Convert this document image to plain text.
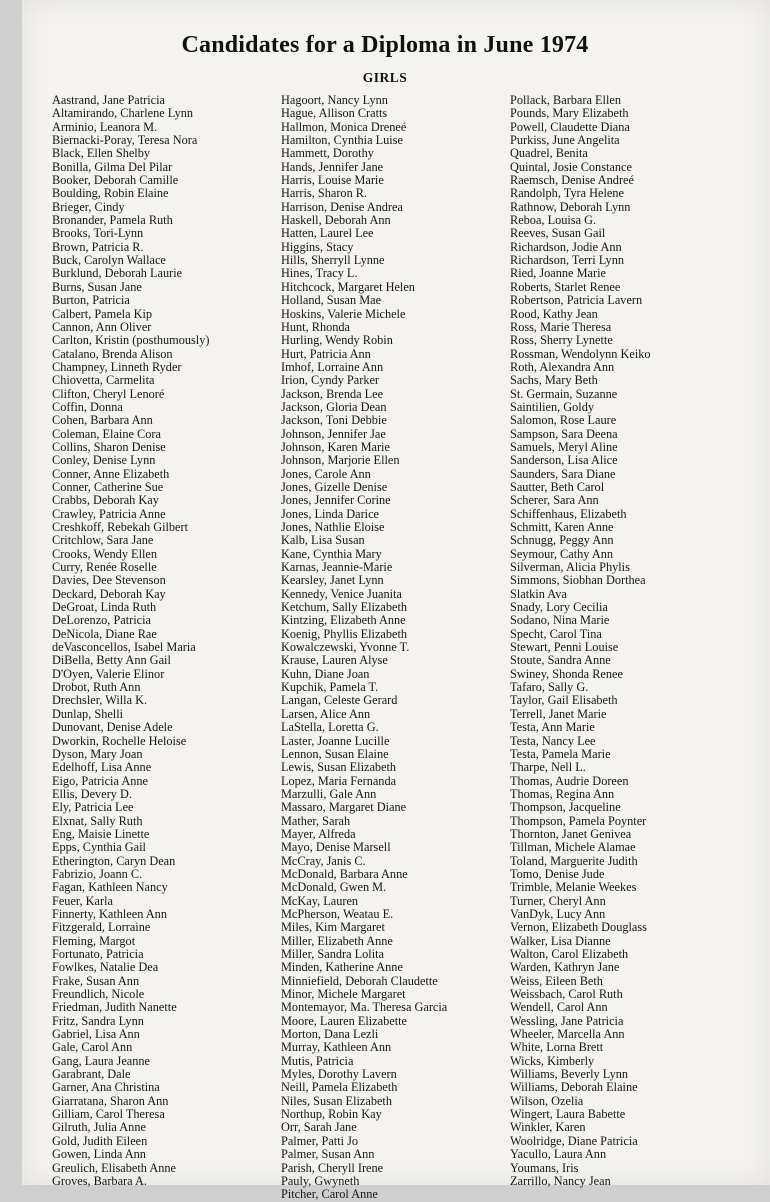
Candidates for a Diploma in June 1974
GIRLS
Aastrand, Jane Patricia
Altamirando, Charlene Lynn
Arminio, Leanora M.
Biernacki-Poray, Teresa Nora
Black, Ellen Shelby
Bonilla, Gilma Del Pilar
Booker, Deborah Camille
Boulding, Robin Elaine
Brieger, Cindy
Bronander, Pamela Ruth
Brooks, Tori-Lynn
Brown, Patricia R.
Buck, Carolyn Wallace
Burklund, Deborah Laurie
Burns, Susan Jane
Burton, Patricia
Calbert, Pamela Kip
Cannon, Ann Oliver
Carlton, Kristin (posthumously)
Catalano, Brenda Alison
Champney, Linneth Ryder
Chiovetta, Carmelita
Clifton, Cheryl Lenoré
Coffin, Donna
Cohen, Barbara Ann
Coleman, Elaine Cora
Collins, Sharon Denise
Conley, Denise Lynn
Conner, Anne Elizabeth
Conner, Catherine Sue
Crabbs, Deborah Kay
Crawley, Patricia Anne
Creshkoff, Rebekah Gilbert
Critchlow, Sara Jane
Crooks, Wendy Ellen
Curry, Renée Roselle
Davies, Dee Stevenson
Deckard, Deborah Kay
DeGroat, Linda Ruth
DeLorenzo, Patricia
DeNicola, Diane Rae
deVasconcellos, Isabel Maria
DiBella, Betty Ann Gail
D'Oyen, Valerie Elinor
Drobot, Ruth Ann
Drechsler, Willa K.
Dunlap, Shelli
Dunovant, Denise Adele
Dworkin, Rochelle Heloise
Dyson, Mary Joan
Edelhoff, Lisa Anne
Eigo, Patricia Anne
Ellis, Devery D.
Ely, Patricia Lee
Elxnat, Sally Ruth
Eng, Maisie Linette
Epps, Cynthia Gail
Etherington, Caryn Dean
Fabrizio, Joann C.
Fagan, Kathleen Nancy
Feuer, Karla
Finnerty, Kathleen Ann
Fitzgerald, Lorraine
Fleming, Margot
Fortunato, Patricia
Fowlkes, Natalie Dea
Frake, Susan Ann
Freundlich, Nicole
Friedman, Judith Nanette
Fritz, Sandra Lynn
Gabriel, Lisa Ann
Gale, Carol Ann
Gang, Laura Jeanne
Garabrant, Dale
Garner, Ana Christina
Giarratana, Sharon Ann
Gilliam, Carol Theresa
Gilruth, Julia Anne
Gold, Judith Eileen
Gowen, Linda Ann
Greulich, Elisabeth Anne
Groves, Barbara A.
Hagoort, Nancy Lynn
Hague, Allison Cratts
Hallmon, Monica Dreneé
Hamilton, Cynthia Luise
Hammett, Dorothy
Hands, Jennifer Jane
Harris, Louise Marie
Harris, Sharon R.
Harrison, Denise Andrea
Haskell, Deborah Ann
Hatten, Laurel Lee
Higgins, Stacy
Hills, Sherryll Lynne
Hines, Tracy L.
Hitchcock, Margaret Helen
Holland, Susan Mae
Hoskins, Valerie Michele
Hunt, Rhonda
Hurling, Wendy Robin
Hurt, Patricia Ann
Imhof, Lorraine Ann
Irion, Cyndy Parker
Jackson, Brenda Lee
Jackson, Gloria Dean
Jackson, Toni Debbie
Johnson, Jennifer Jae
Johnson, Karen Marie
Johnson, Marjorie Ellen
Jones, Carole Ann
Jones, Gizelle Denise
Jones, Jennifer Corine
Jones, Linda Darice
Jones, Nathlie Eloise
Kalb, Lisa Susan
Kane, Cynthia Mary
Karnas, Jeannie-Marie
Kearsley, Janet Lynn
Kennedy, Venice Juanita
Ketchum, Sally Elizabeth
Kintzing, Elizabeth Anne
Koenig, Phyllis Elizabeth
Kowalczewski, Yvonne T.
Krause, Lauren Alyse
Kuhn, Diane Joan
Kupchik, Pamela T.
Langan, Celeste Gerard
Larsen, Alice Ann
LaStella, Loretta G.
Laster, Joanne Lucille
Lennon, Susan Elaine
Lewis, Susan Elizabeth
Lopez, Maria Fernanda
Marzulli, Gale Ann
Massaro, Margaret Diane
Mather, Sarah
Mayer, Alfreda
Mayo, Denise Marsell
McCray, Janis C.
McDonald, Barbara Anne
McDonald, Gwen M.
McKay, Lauren
McPherson, Weatau E.
Miles, Kim Margaret
Miller, Elizabeth Anne
Miller, Sandra Lolita
Minden, Katherine Anne
Minniefield, Deborah Claudette
Minor, Michele Margaret
Montemayor, Ma. Theresa Garcia
Moore, Lauren Elizabette
Morton, Dana Lezli
Murray, Kathleen Ann
Mutis, Patricia
Myles, Dorothy Lavern
Neill, Pamela Elizabeth
Niles, Susan Elizabeth
Northup, Robin Kay
Orr, Sarah Jane
Palmer, Patti Jo
Palmer, Susan Ann
Parish, Cheryll Irene
Pauly, Gwyneth
Pitcher, Carol Anne
Pollack, Barbara Ellen
Pounds, Mary Elizabeth
Powell, Claudette Diana
Purkiss, June Angelita
Quadrel, Benita
Quintal, Josie Constance
Raemsch, Denise Andreé
Randolph, Tyra Helene
Rathnow, Deborah Lynn
Reboa, Louisa G.
Reeves, Susan Gail
Richardson, Jodie Ann
Richardson, Terri Lynn
Ried, Joanne Marie
Roberts, Starlet Renee
Robertson, Patricia Lavern
Rood, Kathy Jean
Ross, Marie Theresa
Ross, Sherry Lynette
Rossman, Wendolynn Keiko
Roth, Alexandra Ann
Sachs, Mary Beth
St. Germain, Suzanne
Saintilien, Goldy
Salomon, Rose Laure
Sampson, Sara Deena
Samuels, Meryl Aline
Sanderson, Lisa Alice
Saunders, Sara Diane
Sautter, Beth Carol
Scherer, Sara Ann
Schiffenhaus, Elizabeth
Schmitt, Karen Anne
Schnugg, Peggy Ann
Seymour, Cathy Ann
Silverman, Alicia Phylis
Simmons, Siobhan Dorthea
Slatkin Ava
Snady, Lory Cecilia
Sodano, Nina Marie
Specht, Carol Tina
Stewart, Penni Louise
Stoute, Sandra Anne
Swiney, Shonda Renee
Tafaro, Sally G.
Taylor, Gail Elisabeth
Terrell, Janet Marie
Testa, Ann Marie
Testa, Nancy Lee
Testa, Pamela Marie
Tharpe, Nell L.
Thomas, Audrie Doreen
Thomas, Regina Ann
Thompson, Jacqueline
Thompson, Pamela Poynter
Thornton, Janet Genivea
Tillman, Michele Alamae
Toland, Marguerite Judith
Tomo, Denise Jude
Trimble, Melanie Weekes
Turner, Cheryl Ann
VanDyk, Lucy Ann
Vernon, Elizabeth Douglass
Walker, Lisa Dianne
Walton, Carol Elizabeth
Warden, Kathryn Jane
Weiss, Eileen Beth
Weissbach, Carol Ruth
Wendell, Carol Ann
Wessling, Jane Patricia
Wheeler, Marcella Ann
White, Lorna Brett
Wicks, Kimberly
Williams, Beverly Lynn
Williams, Deborah Elaine
Wilson, Ozelia
Wingert, Laura Babette
Winkler, Karen
Woolridge, Diane Patricia
Yacullo, Laura Ann
Youmans, Iris
Zarrillo, Nancy Jean
